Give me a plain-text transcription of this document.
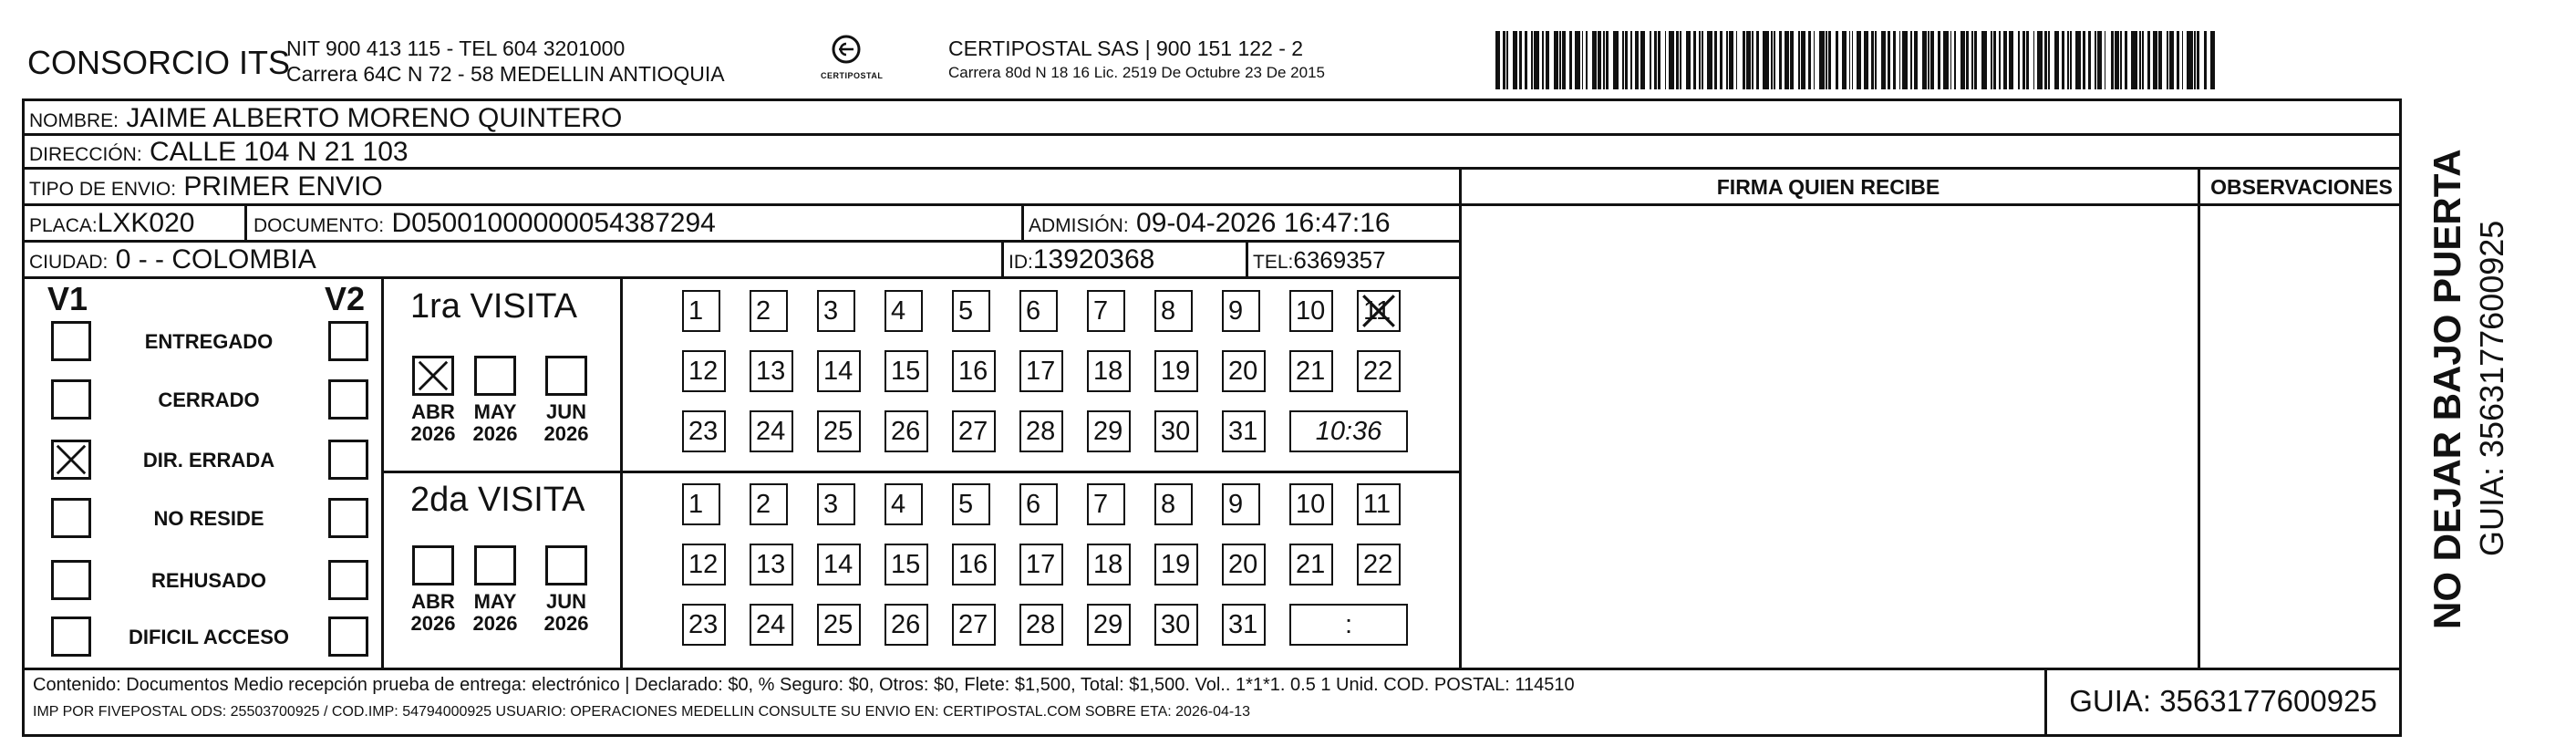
CONSORCIO ITS
NIT 900 413 115 - TEL 604 3201000
Carrera 64C N 72 - 58 MEDELLIN ANTIOQUIA	CERTIPOSTAL
CERTIPOSTAL SAS | 900 151 122 - 2
Carrera 80d N 18 16 Lic. 2519 De Octubre 23 De 2015
NOMBRE: JAIME ALBERTO MORENO QUINTERO
DIRECCIÓN: CALLE 104 N 21 103
TIPO DE ENVIO: PRIMER ENVIO	FIRMA QUIEN RECIBE	OBSERVACIONES
PLACA:LXK020	DOCUMENTO: D05001000000054387294	ADMISIÓN: 09-04-2026 16:47:16
CIUDAD: 0 - - COLOMBIA	ID:13920368	TEL:6369357
V1	V2 1ra VISITA
2da VISITA
Contenido: Documentos Medio recepción prueba de entrega: electrónico | Declarado: $0, % Seguro: $0, Otros: $0, Flete: $1,500, Total: $1,500. Vol.. 1*1*1. 0.5 1 Unid. COD. POSTAL: 114510
IMP POR FIVEPOSTAL ODS: 25503700925 / COD.IMP: 54794000925 USUARIO: OPERACIONES MEDELLIN CONSULTE SU ENVIO EN: CERTIPOSTAL.COM SOBRE ETA: 2026-04-13	GUIA: 3563177600925
NO DEJAR BAJO PUERTA GUIA: 3563177600925
ENTREGADO
CERRADO
DIR. ERRADA
NO RESIDE
REHUSADO
DIFICIL ACCESO
ABR
2026
MAY
2026
JUN
2026
ABR
2026
MAY
2026
JUN
2026
1	2	3	4	5	6	7	8	9	10	11
12	13	14	15	16	17	18	19	20	21	22
23	24	25	26	27	28	29	30	31	10:36
1	2	3	4	5	6	7	8	9	10	11
12	13	14	15	16	17	18	19	20	21	22
23	24	25	26	27	28	29	30	31	:
